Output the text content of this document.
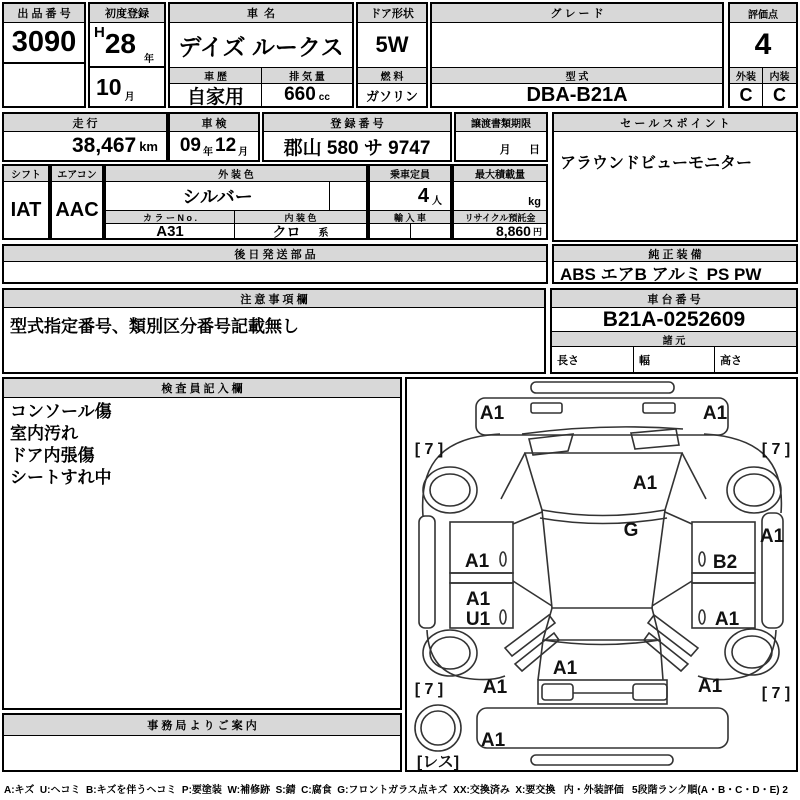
出 品 番 号
3090
初度登録
H 28
年
10 月
車  名
デイズ ルークス
車 歴
自家用
排 気 量
660 cc
ドア形状
5W
燃 料
ガソリン
グ レ ー ド
型 式
DBA-B21A
評価点
4
外装	内装
C	C
走 行
38,467 km
車 検
09 年 12 月
登 録 番 号
郡山 580 サ 9747
譲渡書類期限
月      日
セ ー ル ス ポ イ ン ト
アラウンドビューモニター
シフト
IAT
エアコン
AAC
外 装 色
シルバー
カ ラ ー N o .
A31
内 装 色
クロ 系
乗車定員
4 人
輸 入 車
最大積載量
kg
リサイクル預託金
8,860 円
後 日 発 送 部 品	純 正 装 備
ABS エアB アルミ PS PW
注 意 事 項 欄
型式指定番号、類別区分番号記載無し
車 台 番 号
B21A-0252609
諸 元
長さ	幅	高さ
検 査 員 記 入 欄
コンソール傷
室内汚れ
ドア内張傷
シートすれ中
事 務 局 よ り ご 案 内
A1	A1
A1
G
A1	B2
A1
U1	A1
A1
A1
A1	A1
A1
[ 7 ]	[ 7 ]
[ 7 ]	[ 7 ]
[レス]
A:キズ  U:ヘコミ  B:キズを伴うヘコミ  P:要塗装  W:補修跡  S:錆  C:腐食  G:フロントガラス点キズ  XX:交換済み  X:要交換   内・外装評価   5段階ランク順(A・B・C・D・E) 2
